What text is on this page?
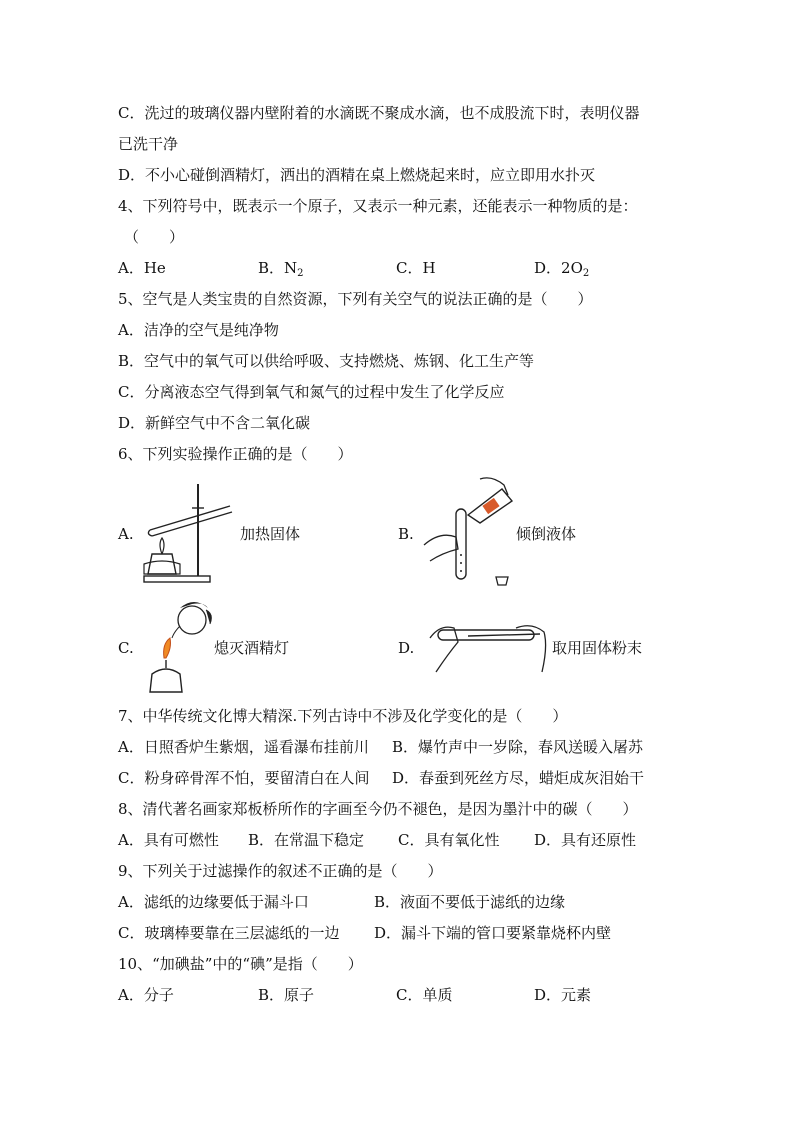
C．洗过的玻璃仪器内壁附着的水滴既不聚成水滴，也不成股流下时，表明仪器
已洗干净
D．不小心碰倒酒精灯，洒出的酒精在桌上燃烧起来时，应立即用水扑灭
4、下列符号中，既表示一个原子，又表示一种元素，还能表示一种物质的是：
（　　）
A．He	B．$N_2$	C．H	D．$2O_2$
5、空气是人类宝贵的自然资源，下列有关空气的说法正确的是（　　）
A．洁净的空气是纯净物
B．空气中的氧气可以供给呼吸、支持燃烧、炼钢、化工生产等
C．分离液态空气得到氧气和氮气的过程中发生了化学反应
D．新鲜空气中不含二氧化碳
6、下列实验操作正确的是（　　）
A.	加热固体	B.	倾倒液体
C.	熄灭酒精灯	D.	取用固体粉末
7、中华传统文化博大精深.下列古诗中不涉及化学变化的是（　　）
A．日照香炉生紫烟，遥看瀑布挂前川 B．爆竹声中一岁除，春风送暖入屠苏
C．粉身碎骨浑不怕，要留清白在人间 D．春蚕到死丝方尽，蜡炬成灰泪始干
8、清代著名画家郑板桥所作的字画至今仍不褪色，是因为墨汁中的碳（　　）
A．具有可燃性 B．在常温下稳定 C．具有氧化性 D．具有还原性
9、下列关于过滤操作的叙述不正确的是（　　）
A．滤纸的边缘要低于漏斗口	B．液面不要低于滤纸的边缘
C．玻璃棒要靠在三层滤纸的一边 D．漏斗下端的管口要紧靠烧杯内壁
10、“加碘盐”中的“碘”是指（　　）
A．分子	B．原子	C．单质	D．元素
